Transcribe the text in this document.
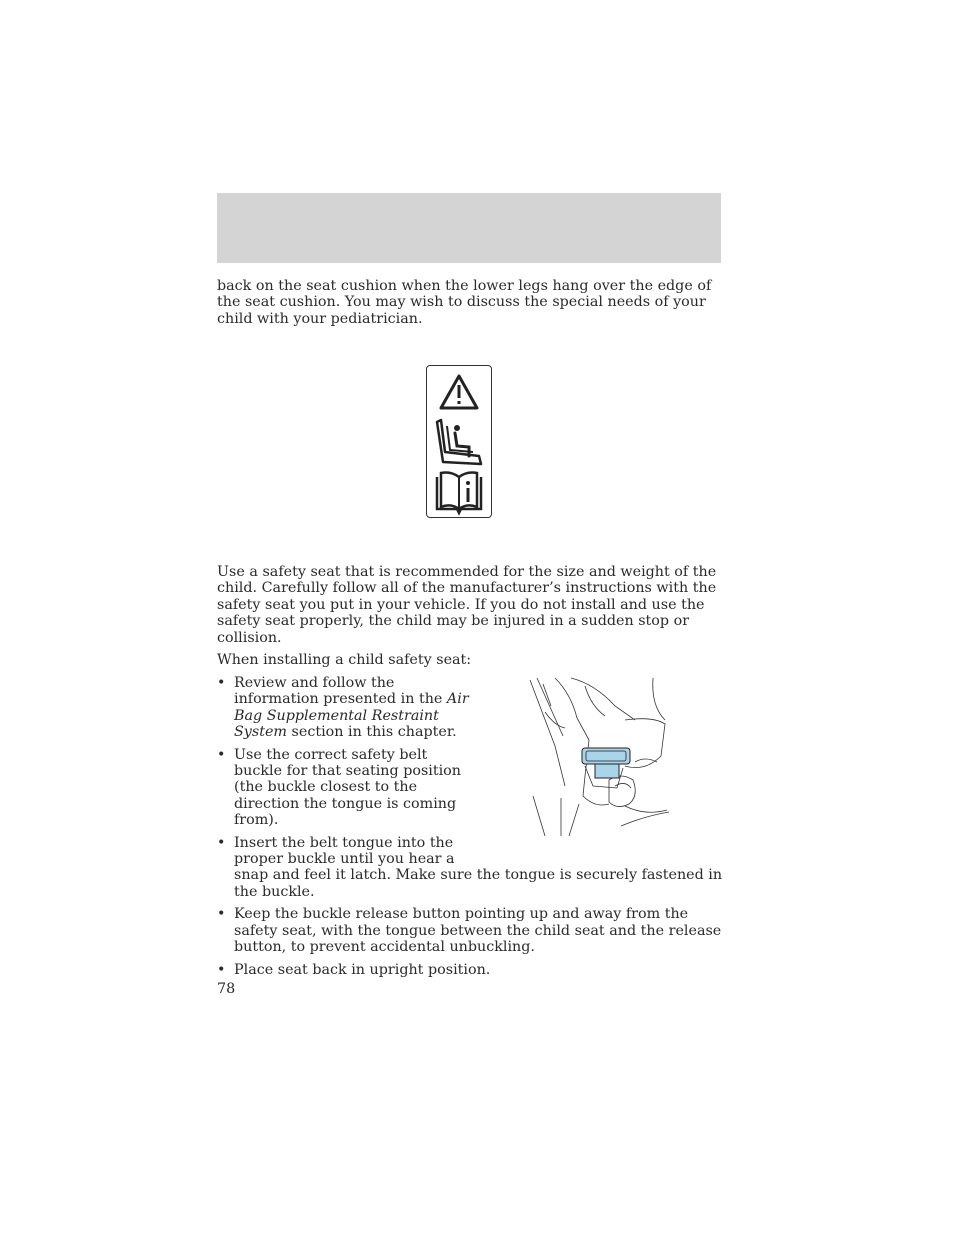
back on the seat cushion when the lower legs hang over the edge of the seat cushion. You may wish to discuss the special needs of your child with your pediatrician.

Use a safety seat that is recommended for the size and weight of the child. Carefully follow all of the manufacturer’s instructions with the safety seat you put in your vehicle. If you do not install and use the safety seat properly, the child may be injured in a sudden stop or collision.

When installing a child safety seat:

• Review and follow the information presented in the Air Bag Supplemental Restraint System section in this chapter.
• Use the correct safety belt buckle for that seating position (the buckle closest to the direction the tongue is coming from).
• Insert the belt tongue into the proper buckle until you hear a
snap and feel it latch. Make sure the tongue is securely fastened in the buckle.
• Keep the buckle release button pointing up and away from the safety seat, with the tongue between the child seat and the release button, to prevent accidental unbuckling.
• Place seat back in upright position.
78
